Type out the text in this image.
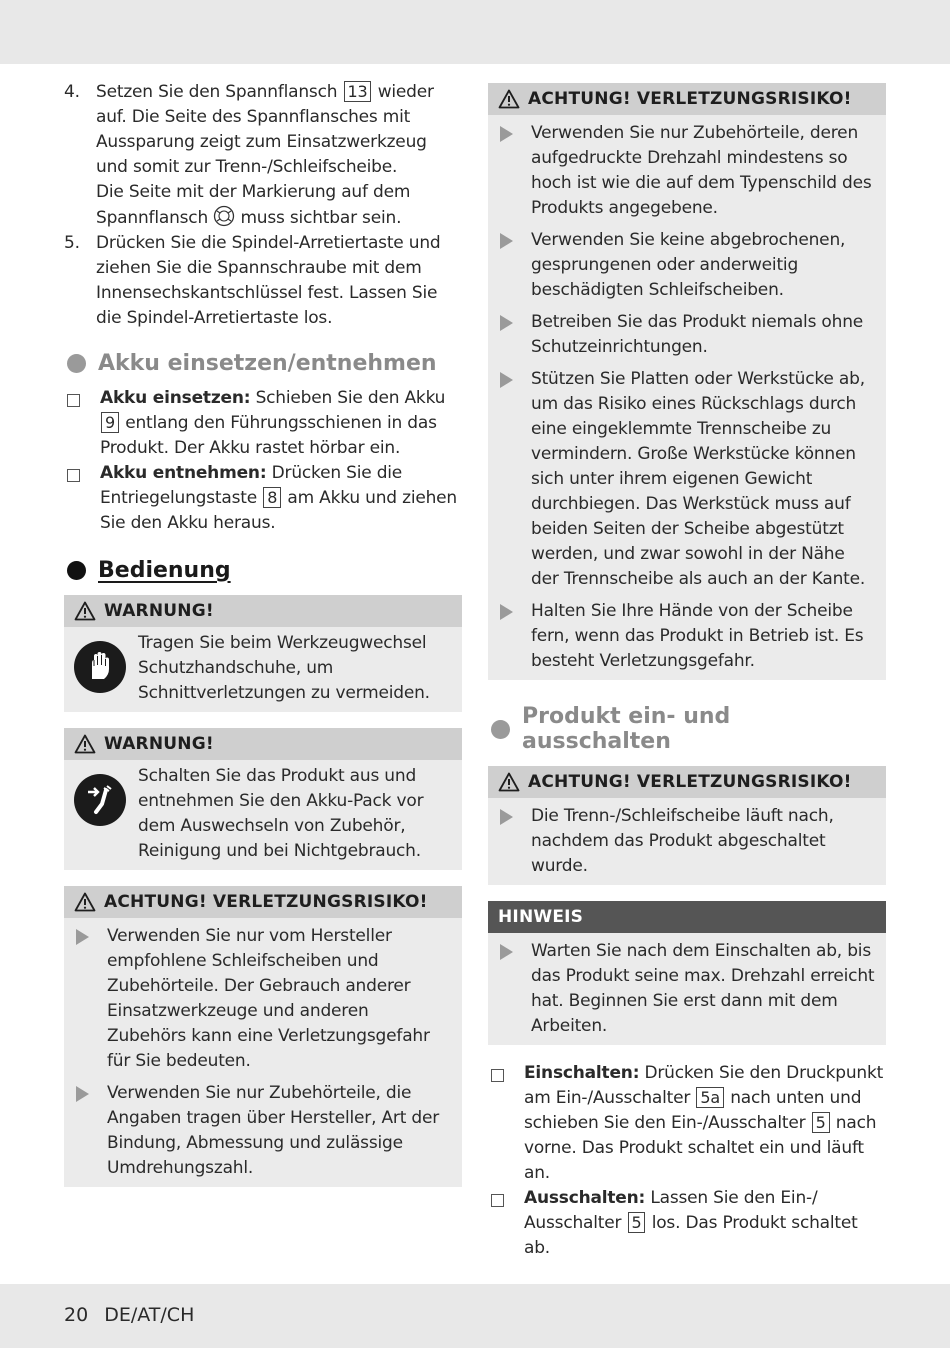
4. Setzen Sie den Spannflansch 13 wieder auf. Die Seite des Spannflansches mit Aussparung zeigt zum Einsatzwerkzeug und somit zur Trenn-/Schleifscheibe.
Die Seite mit der Markierung auf dem Spannflansch  muss sichtbar sein.
5. Drücken Sie die Spindel-Arretiertaste und ziehen Sie die Spannschraube mit dem Innensechskantschlüssel fest. Lassen Sie die Spindel-Arretiertaste los.
Akku einsetzen/entnehmen
Akku einsetzen: Schieben Sie den Akku 9 entlang den Führungsschienen in das Produkt. Der Akku rastet hörbar ein.
Akku entnehmen: Drücken Sie die Entriegelungstaste 8 am Akku und ziehen Sie den Akku heraus.
Bedienung
WARNUNG!
Tragen Sie beim Werkzeugwechsel Schutzhandschuhe, um Schnittverletzungen zu vermeiden.
WARNUNG!
Schalten Sie das Produkt aus und entnehmen Sie den Akku-Pack vor dem Auswechseln von Zubehör, Reinigung und bei Nichtgebrauch.
ACHTUNG! VERLETZUNGSRISIKO!
Verwenden Sie nur vom Hersteller empfohlene Schleifscheiben und Zubehörteile. Der Gebrauch anderer Einsatzwerkzeuge und anderen Zubehörs kann eine Verletzungsgefahr für Sie bedeuten.
Verwenden Sie nur Zubehörteile, die Angaben tragen über Hersteller, Art der Bindung, Abmessung und zulässige Umdrehungszahl.
ACHTUNG! VERLETZUNGSRISIKO!
Verwenden Sie nur Zubehörteile, deren aufgedruckte Drehzahl mindestens so hoch ist wie die auf dem Typenschild des Produkts angegebene.
Verwenden Sie keine abgebrochenen, gesprungenen oder anderweitig beschädigten Schleifscheiben.
Betreiben Sie das Produkt niemals ohne Schutzeinrichtungen.
Stützen Sie Platten oder Werkstücke ab, um das Risiko eines Rückschlags durch eine eingeklemmte Trennscheibe zu vermindern. Große Werkstücke können sich unter ihrem eigenen Gewicht durchbiegen. Das Werkstück muss auf beiden Seiten der Scheibe abgestützt werden, und zwar sowohl in der Nähe der Trennscheibe als auch an der Kante.
Halten Sie Ihre Hände von der Scheibe fern, wenn das Produkt in Betrieb ist. Es besteht Verletzungsgefahr.
Produkt ein- und ausschalten
ACHTUNG! VERLETZUNGSRISIKO!
Die Trenn-/Schleifscheibe läuft nach, nachdem das Produkt abgeschaltet wurde.
HINWEIS
Warten Sie nach dem Einschalten ab, bis das Produkt seine max. Drehzahl erreicht hat. Beginnen Sie erst dann mit dem Arbeiten.
Einschalten: Drücken Sie den Druckpunkt am Ein-/Ausschalter 5a nach unten und schieben Sie den Ein-/Ausschalter 5 nach vorne. Das Produkt schaltet ein und läuft an.
Ausschalten: Lassen Sie den Ein-/ Ausschalter 5 los. Das Produkt schaltet ab.
20 DE/AT/CH
